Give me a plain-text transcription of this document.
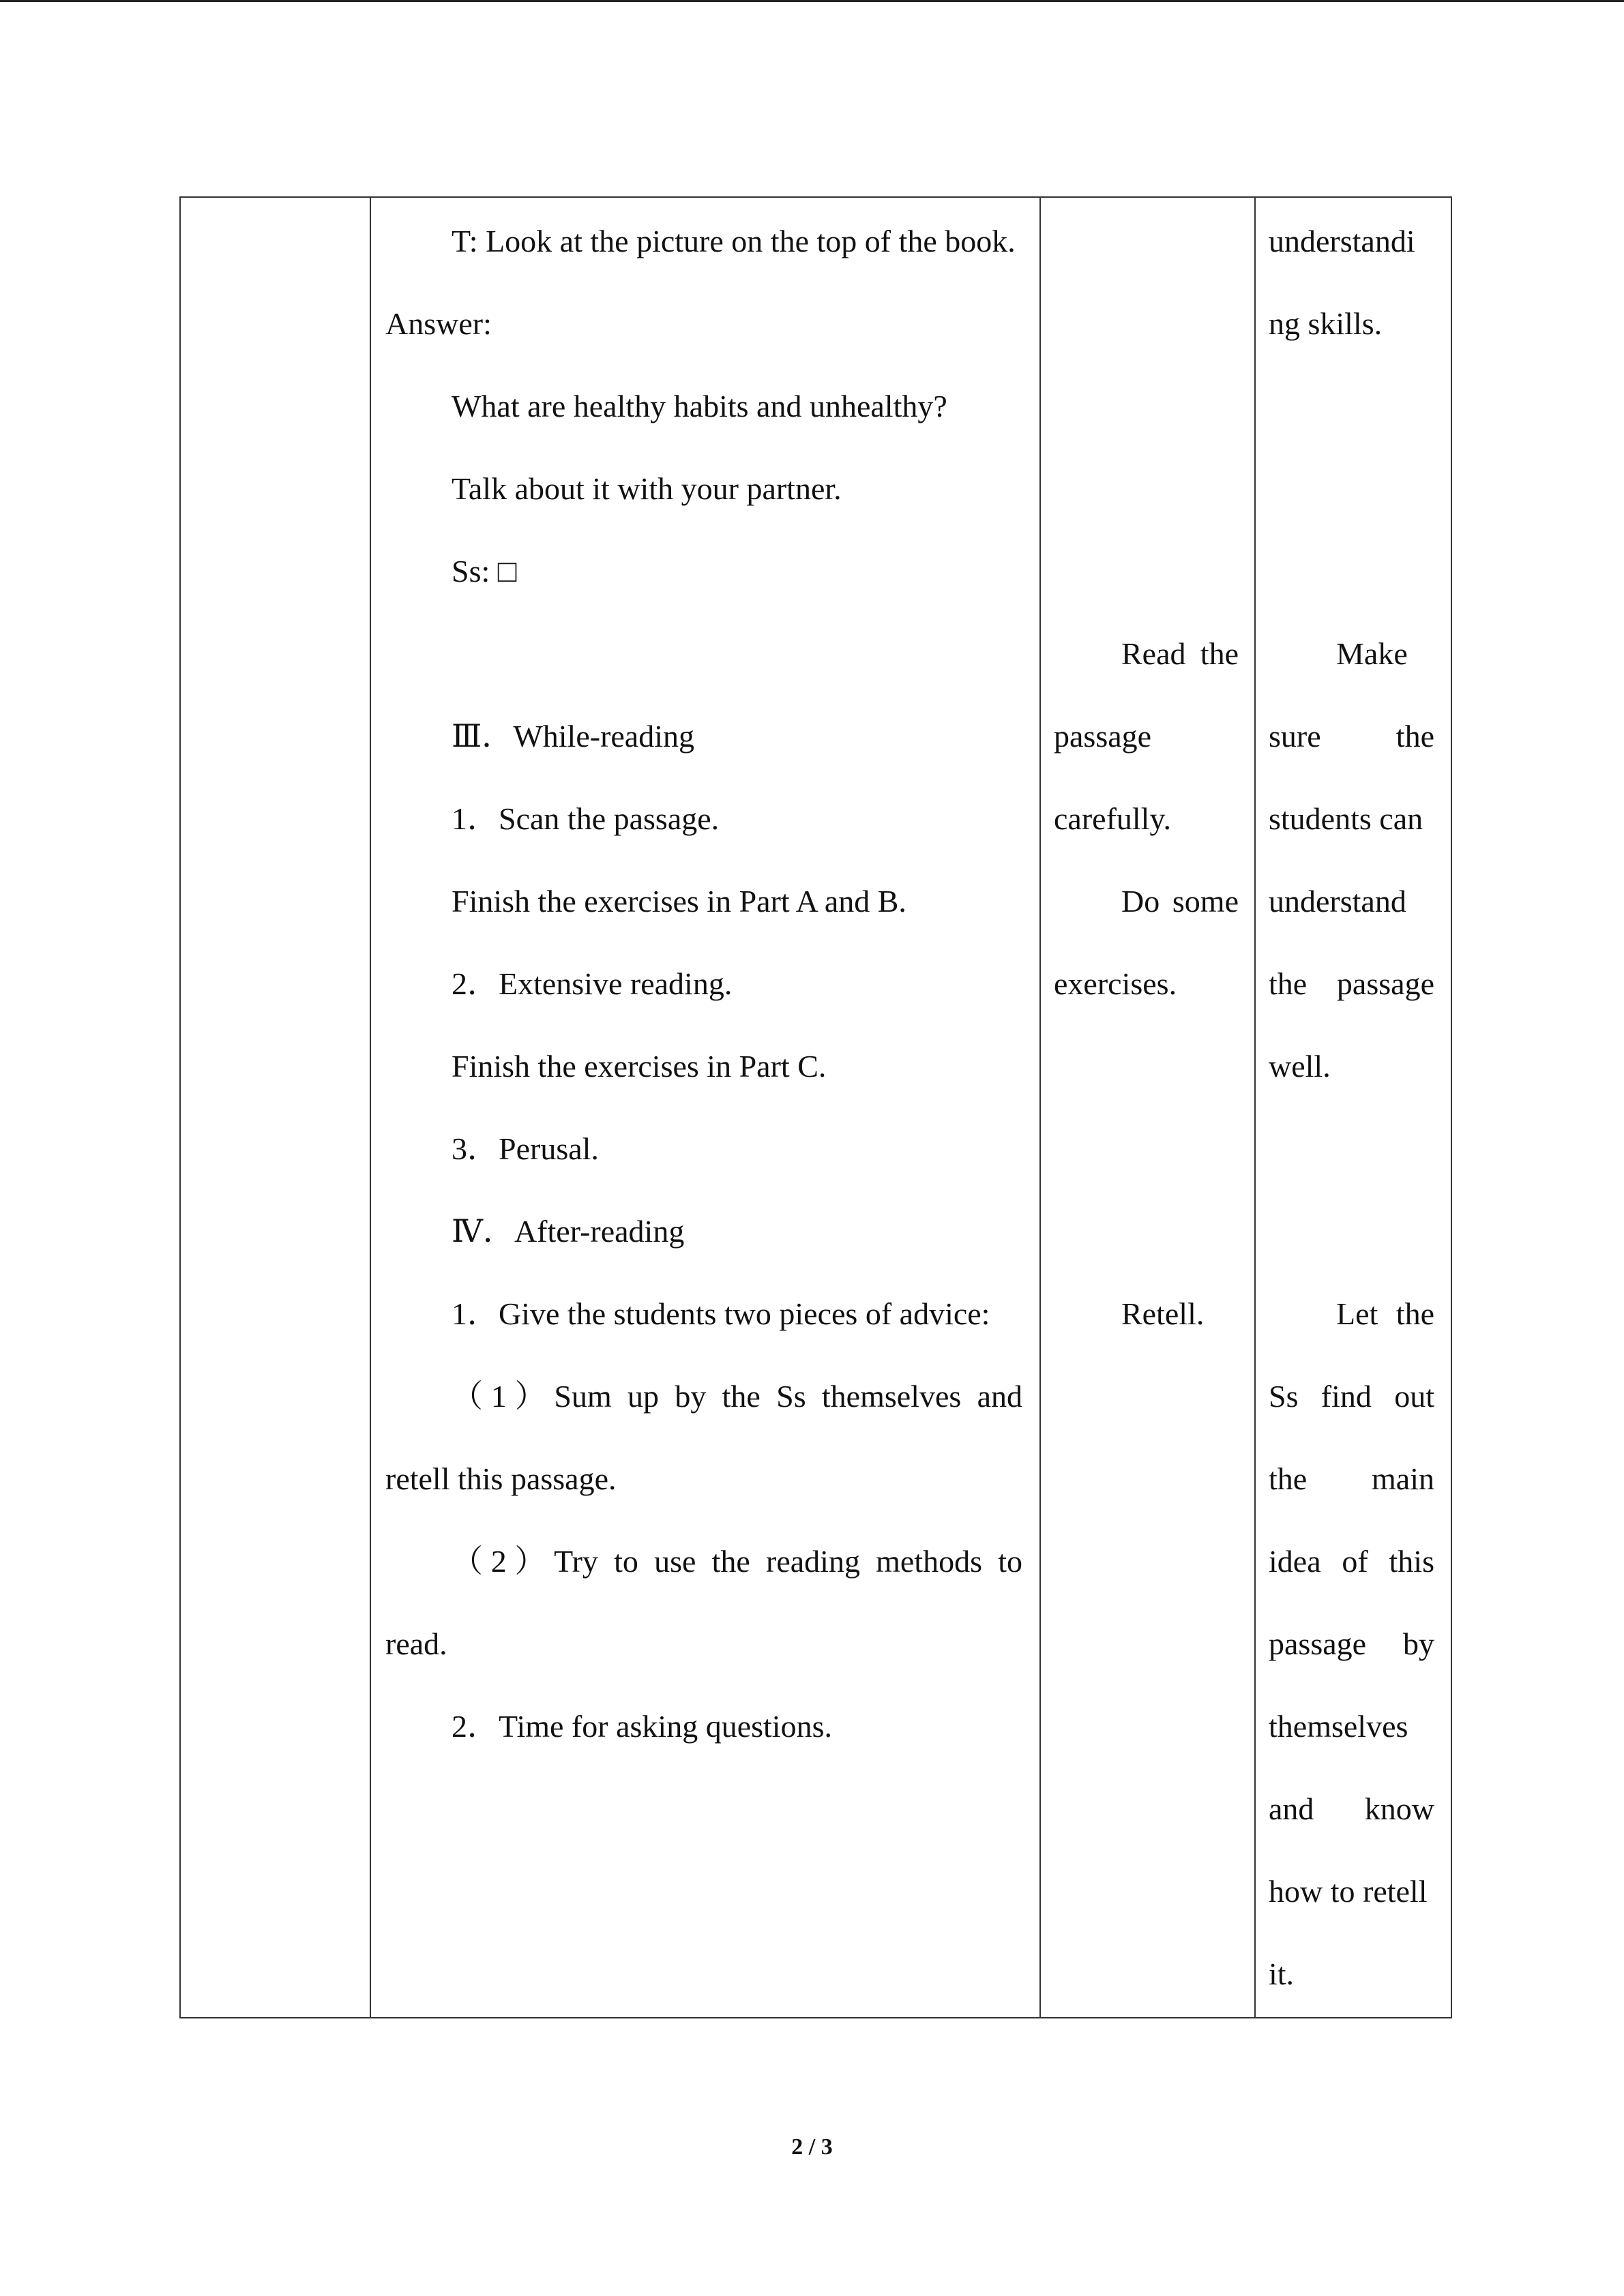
T: Look at the picture on the top of the book.
Answer:
What are healthy habits and unhealthy?
Talk about it with your partner.
Ss: □
Ⅲ．While-reading
1．Scan the passage.
Finish the exercises in Part A and B.
2．Extensive reading.
Finish the exercises in Part C.
3．Perusal.
Ⅳ．After-reading
1．Give the students two pieces of advice:
（1）Sum up by the Ss themselves and
retell this passage.
（2）Try to use the reading methods to
read.
2．Time for asking questions.

Read the
passage
carefully.
Do some
exercises.
Retell.

understandi
ng skills.
Make
sure the
students can
understand
the passage
well.
Let the
Ss find out
the main
idea of this
passage by
themselves
and know
how to retell
it.
2 / 3
